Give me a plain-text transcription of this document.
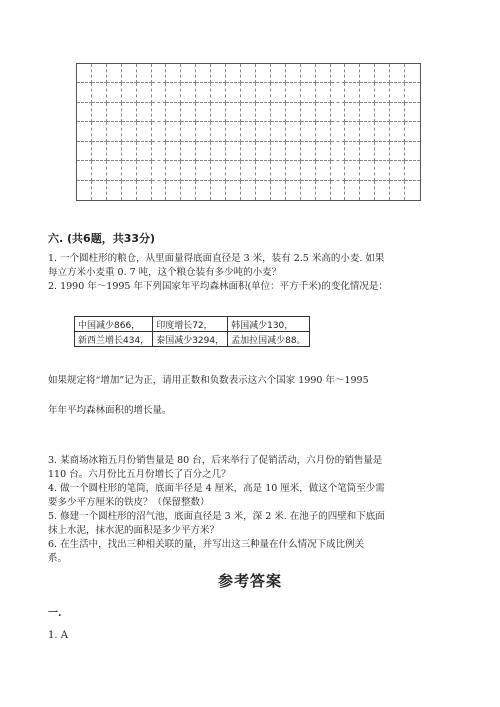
六. (共6题，共33分)
1. 一个圆柱形的粮仓，从里面量得底面直径是 3 米，装有 2.5 米高的小麦. 如果
每立方米小麦重 0. 7 吨，这个粮仓装有多少吨的小麦？
2. 1990 年～1995 年下列国家年平均森林面积(单位：平方千米)的变化情况是：
中国减少866，	印度增长72，	韩国减少130，
新西兰增长434，	泰国减少3294，	孟加拉国减少88。
如果规定将“增加”记为正，请用正数和负数表示这六个国家 1990 年～1995
年年平均森林面积的增长量。
3. 某商场冰箱五月份销售量是 80 台，后来举行了促销活动，六月份的销售量是
110 台。六月份比五月份增长了百分之几？
4. 做一个圆柱形的笔筒，底面半径是 4 厘米，高是 10 厘米，做这个笔筒至少需
要多少平方厘米的铁皮？（保留整数）
5. 修建一个圆柱形的沼气池，底面直径是 3 米，深 2 米. 在池子的四壁和下底面
抹上水泥，抹水泥的面积是多少平方米？
6. 在生活中，找出三种相关联的量，并写出这三种量在什么情况下成比例关
系。
参考答案
一.
1. A
